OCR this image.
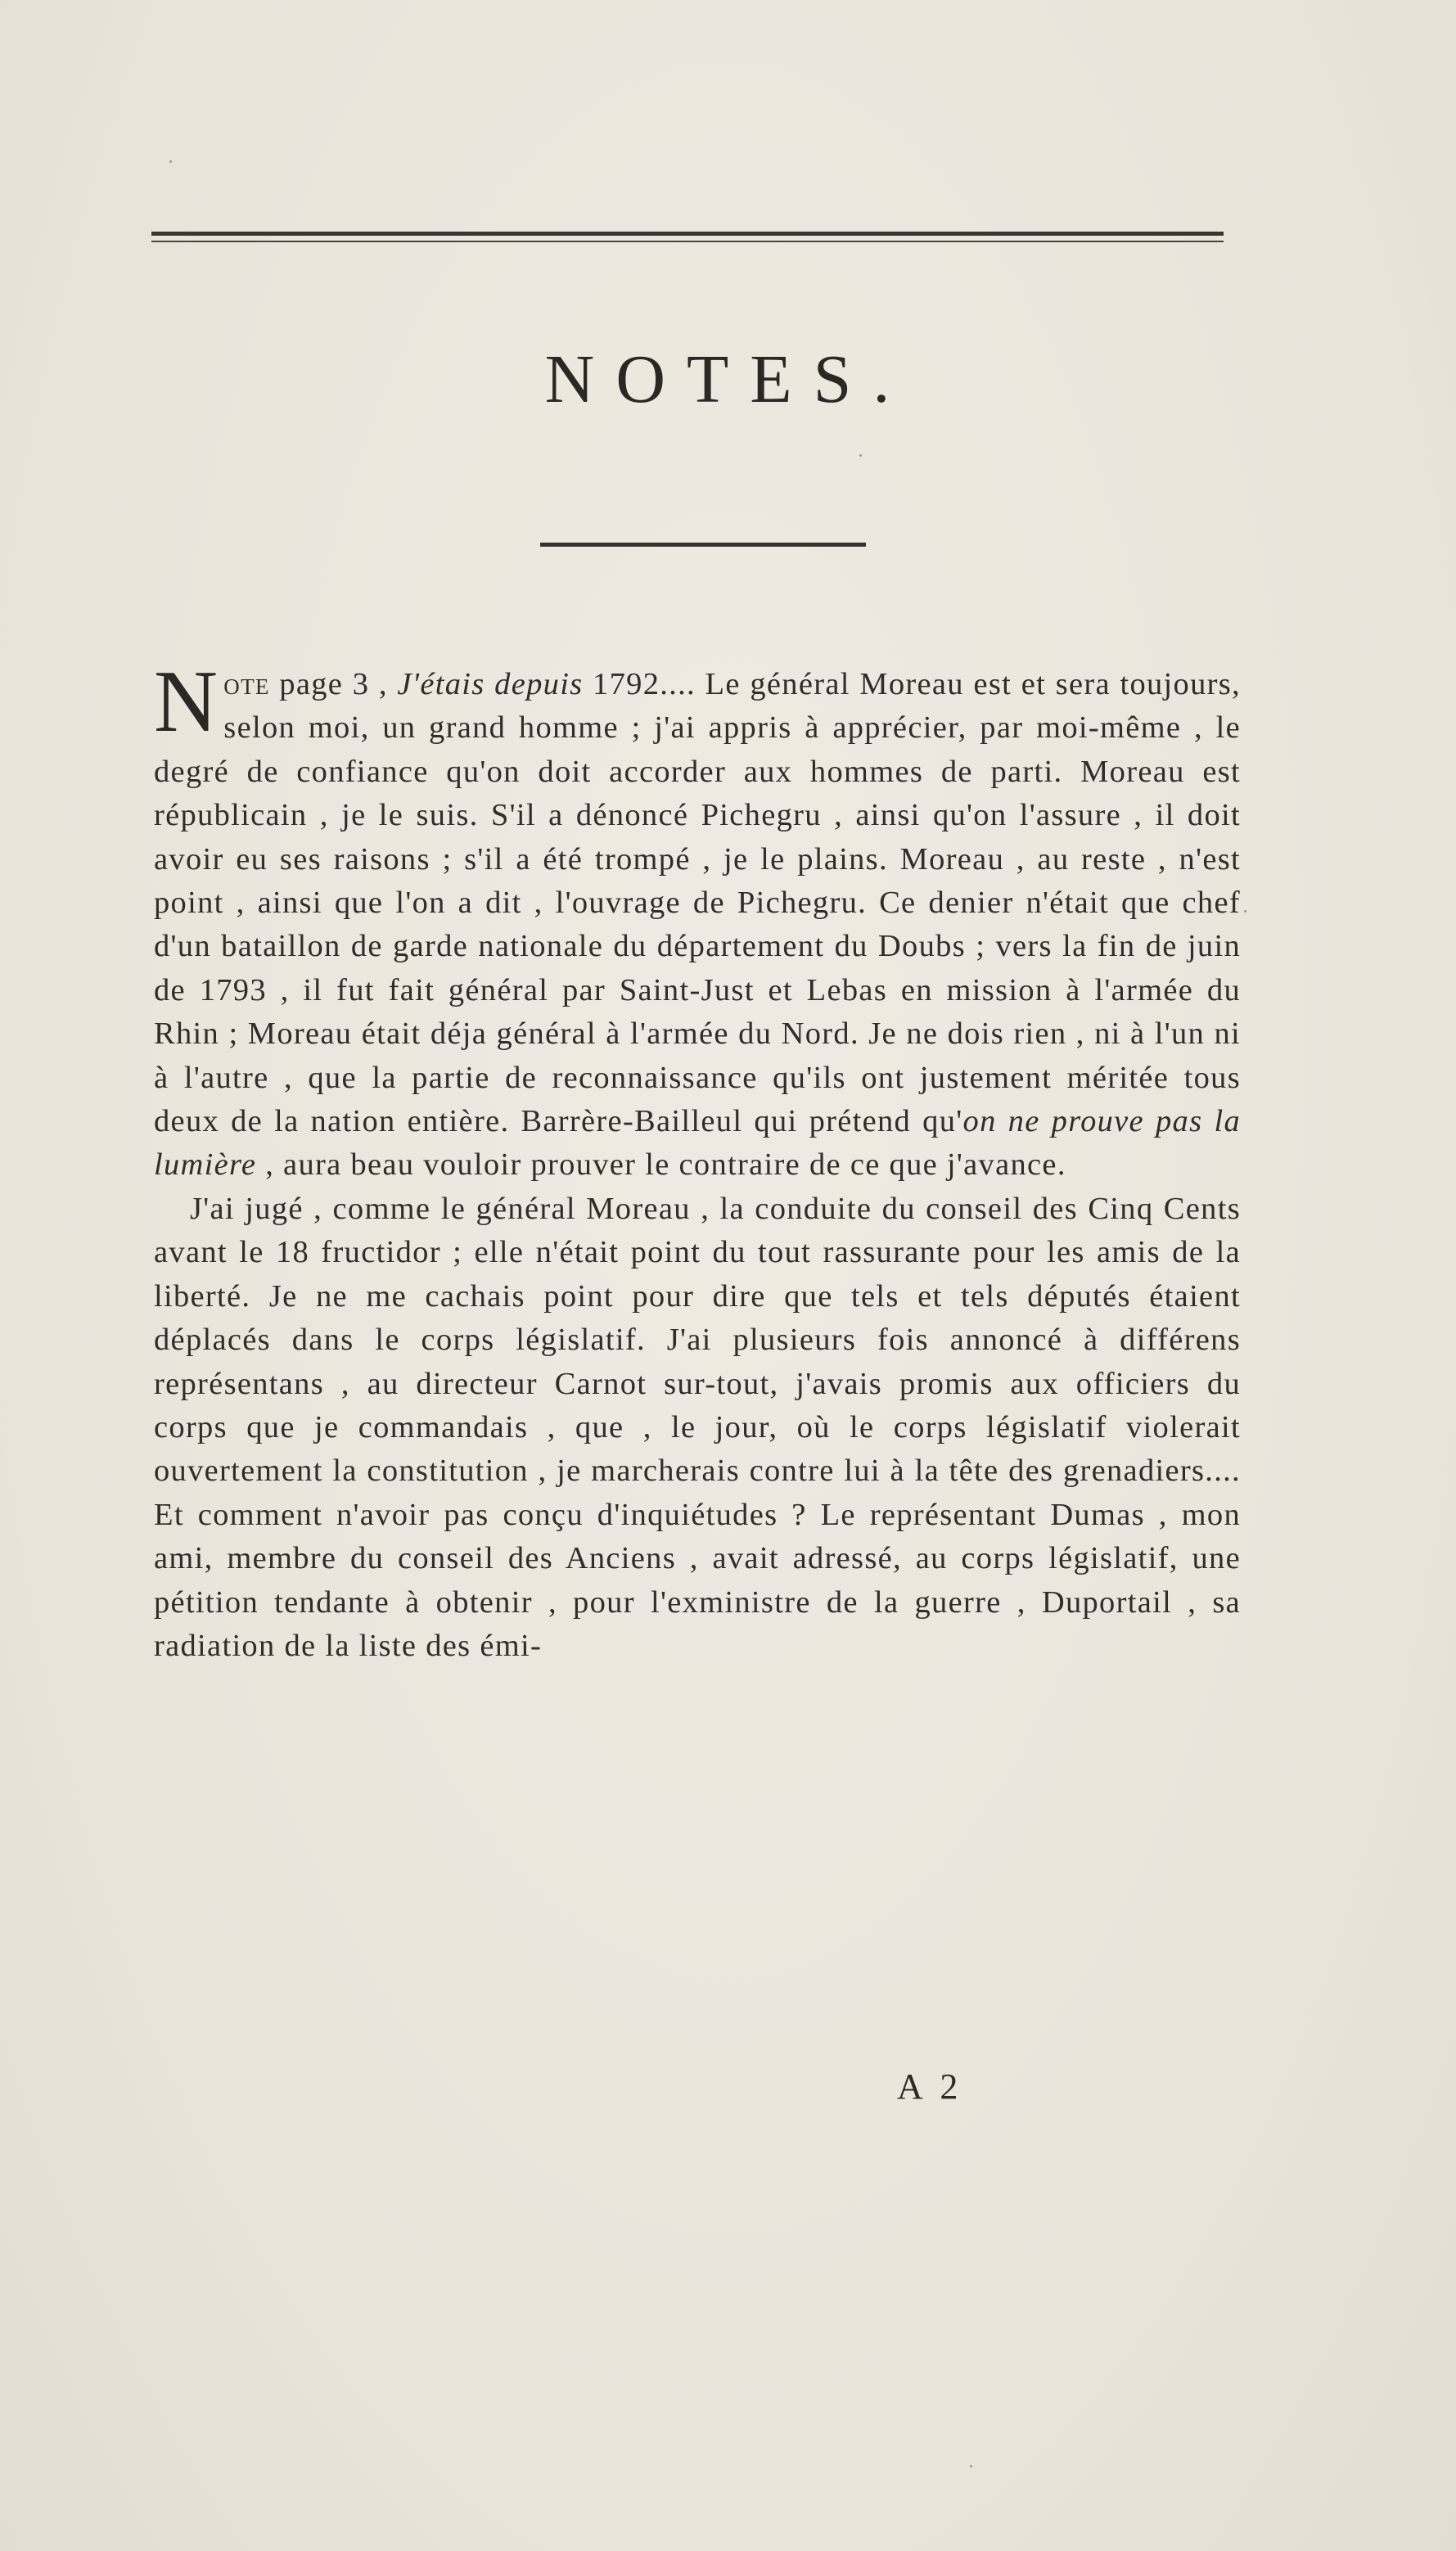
NOTES.

Note page 3 , J'étais depuis 1792.... Le général Moreau est et sera toujours, selon moi, un grand homme ; j'ai appris à apprécier, par moi-même , le degré de confiance qu'on doit accorder aux hommes de parti. Moreau est républicain , je le suis. S'il a dénoncé Pichegru , ainsi qu'on l'assure , il doit avoir eu ses raisons ; s'il a été trompé , je le plains. Moreau , au reste , n'est point , ainsi que l'on a dit , l'ouvrage de Pichegru. Ce denier n'était que chef d'un bataillon de garde nationale du département du Doubs ; vers la fin de juin de 1793 , il fut fait général par Saint-Just et Lebas en mission à l'armée du Rhin ; Moreau était déja général à l'armée du Nord. Je ne dois rien , ni à l'un ni à l'autre , que la partie de reconnaissance qu'ils ont justement méritée tous deux de la nation entière. Barrère-Bailleul qui prétend qu'on ne prouve pas la lumière , aura beau vouloir prouver le contraire de ce que j'avance.

J'ai jugé , comme le général Moreau , la conduite du conseil des Cinq Cents avant le 18 fructidor ; elle n'était point du tout rassurante pour les amis de la liberté. Je ne me cachais point pour dire que tels et tels députés étaient déplacés dans le corps législatif. J'ai plusieurs fois annoncé à différens représentans , au directeur Carnot sur-tout, j'avais promis aux officiers du corps que je commandais , que , le jour, où le corps législatif violerait ouvertement la constitution , je marcherais contre lui à la tête des grenadiers.... Et comment n'avoir pas conçu d'inquiétudes ? Le représentant Dumas , mon ami, membre du conseil des Anciens , avait adressé, au corps législatif, une pétition tendante à obtenir , pour l'exministre de la guerre , Duportail , sa radiation de la liste des émi-

A 2
